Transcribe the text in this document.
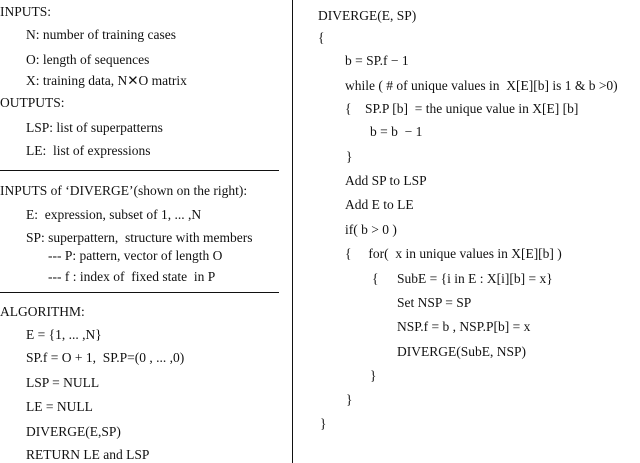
INPUTS:
N: number of training cases
O: length of sequences
X: training data, N✕O matrix
OUTPUTS:
LSP: list of superpatterns
LE:  list of expressions
INPUTS of ‘DIVERGE’(shown on the right):
E:  expression, subset of 1, ... ,N
SP: superpattern,  structure with members
--- P: pattern, vector of length O
--- f : index of  fixed state  in P
ALGORITHM:
E = {1, ... ,N}
SP.f = O + 1,  SP.P=(0 , ... ,0)
LSP = NULL
LE = NULL
DIVERGE(E,SP)
RETURN LE and LSP
DIVERGE(E, SP)
{
b = SP.f − 1
while ( # of unique values in  X[E][b] is 1 & b >0)
{    SP.P [b]  = the unique value in X[E] [b]
b = b  − 1
}
Add SP to LSP
Add E to LE
if( b > 0 )
{     for(  x in unique values in X[E][b] )
{ SubE = {i in E : X[i][b] = x}
Set NSP = SP
NSP.f = b , NSP.P[b] = x
DIVERGE(SubE, NSP)
}
}
}
